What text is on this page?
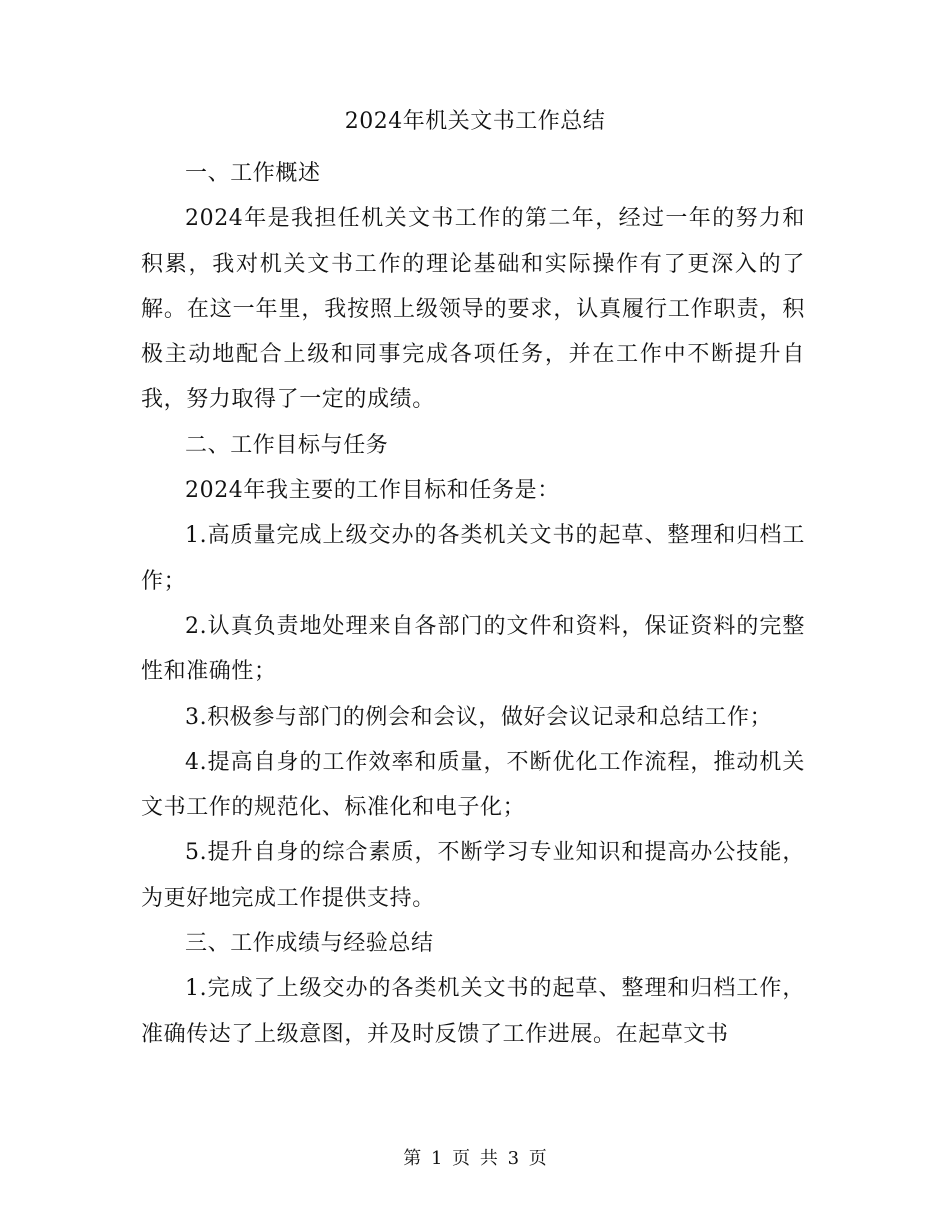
2024年机关文书工作总结

一、工作概述

2024年是我担任机关文书工作的第二年，经过一年的努力和积累，我对机关文书工作的理论基础和实际操作有了更深入的了解。在这一年里，我按照上级领导的要求，认真履行工作职责，积极主动地配合上级和同事完成各项任务，并在工作中不断提升自我，努力取得了一定的成绩。

二、工作目标与任务

2024年我主要的工作目标和任务是：

1.高质量完成上级交办的各类机关文书的起草、整理和归档工作；

2.认真负责地处理来自各部门的文件和资料，保证资料的完整性和准确性；

3.积极参与部门的例会和会议，做好会议记录和总结工作；

4.提高自身的工作效率和质量，不断优化工作流程，推动机关文书工作的规范化、标准化和电子化；

5.提升自身的综合素质，不断学习专业知识和提高办公技能，为更好地完成工作提供支持。

三、工作成绩与经验总结

1.完成了上级交办的各类机关文书的起草、整理和归档工作，准确传达了上级意图，并及时反馈了工作进展。在起草文书

第 1 页 共 3 页
